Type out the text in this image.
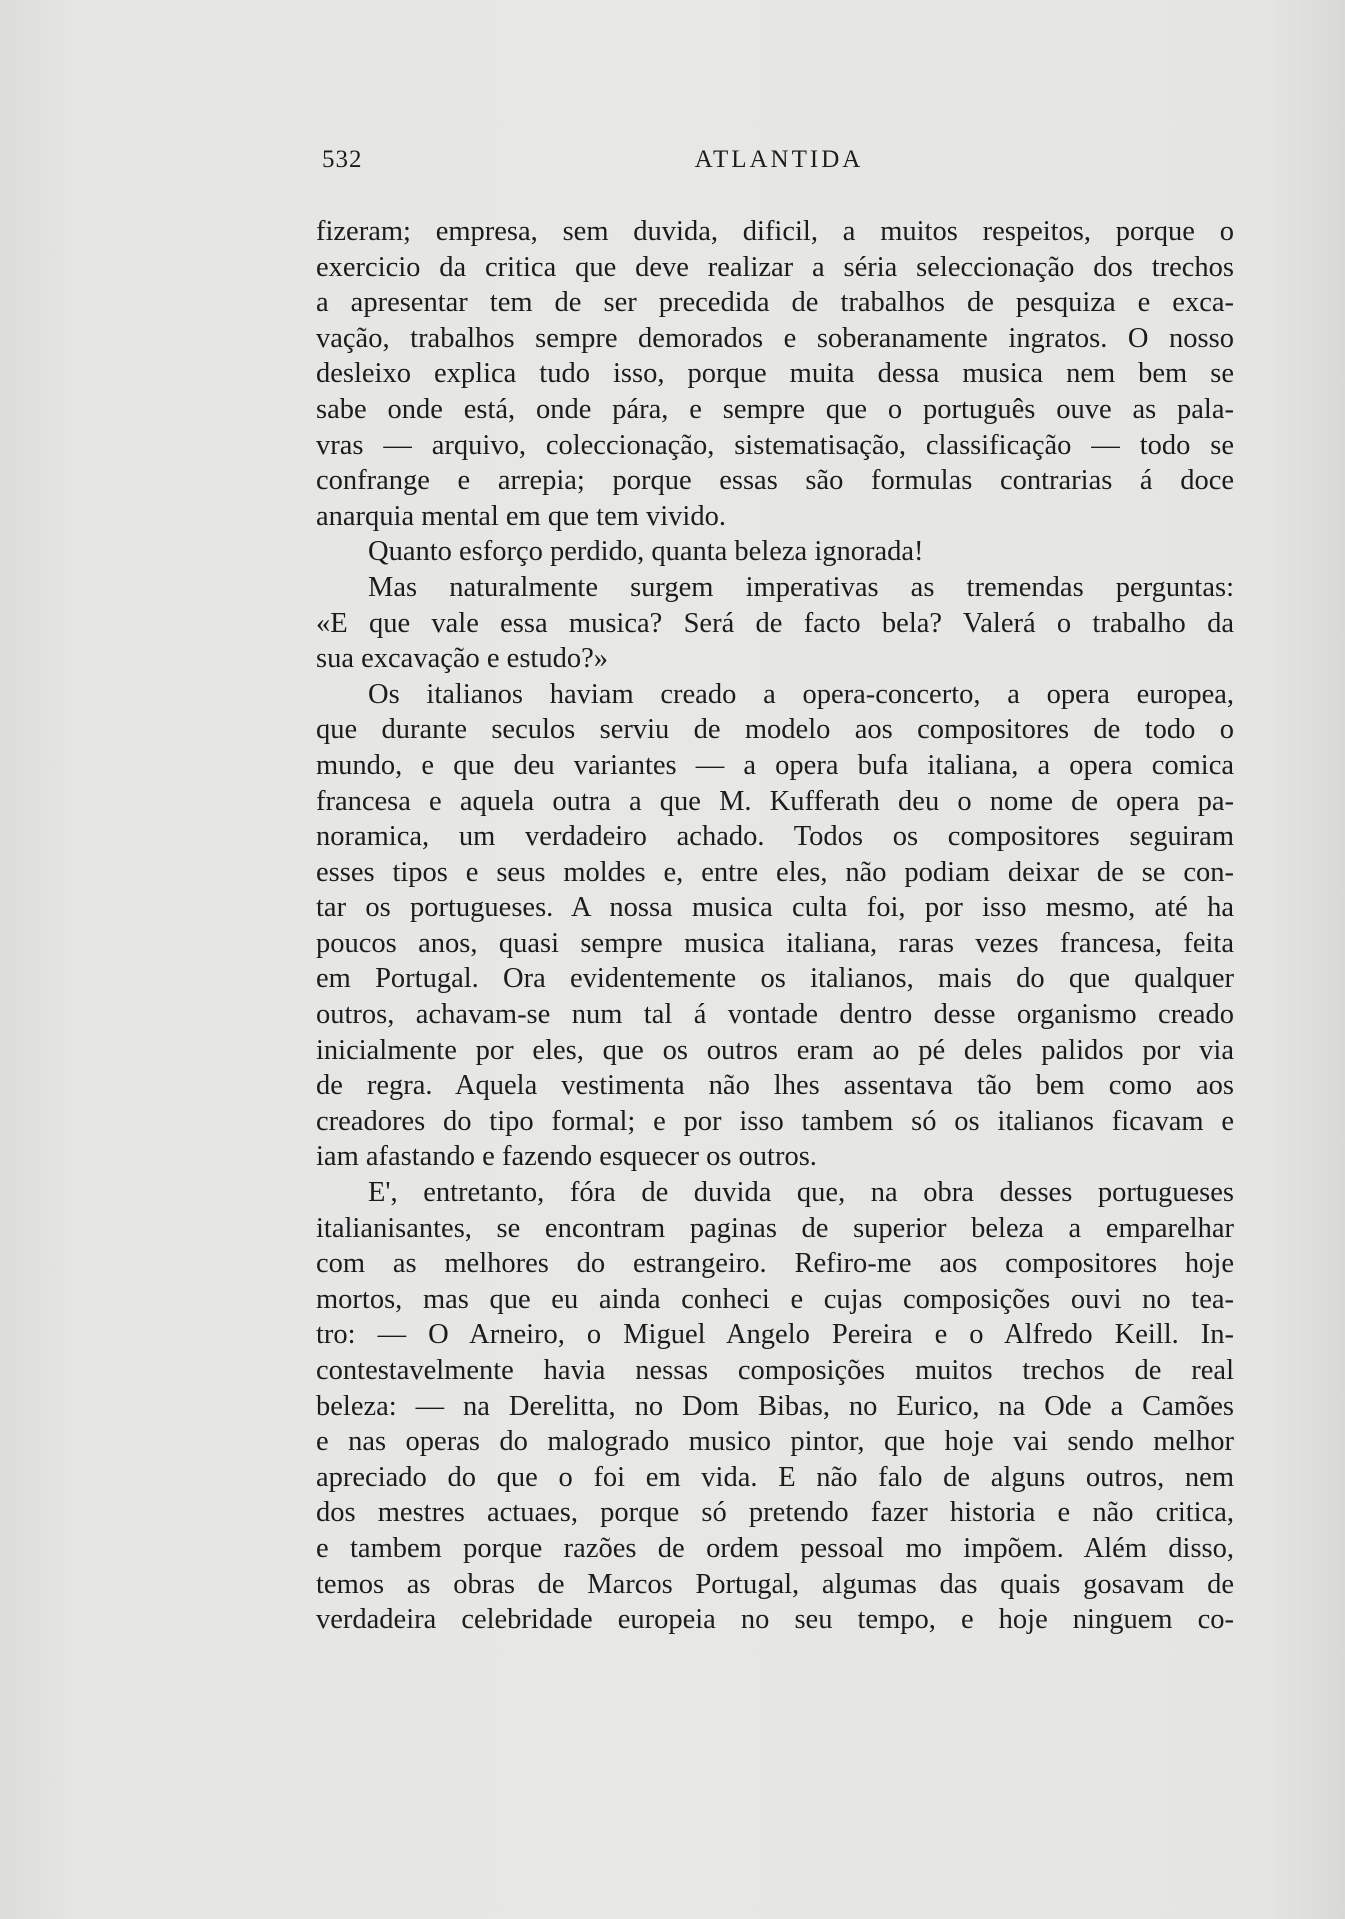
532	ATLANTIDA
fizeram; empresa, sem duvida, dificil, a muitos respeitos, porque o
exercicio da critica que deve realizar a séria seleccionação dos trechos
a apresentar tem de ser precedida de trabalhos de pesquiza e exca-
vação, trabalhos sempre demorados e soberanamente ingratos. O nosso
desleixo explica tudo isso, porque muita dessa musica nem bem se
sabe onde está, onde pára, e sempre que o português ouve as pala-
vras — arquivo, coleccionação, sistematisação, classificação — todo se
confrange e arrepia; porque essas são formulas contrarias á doce
anarquia mental em que tem vivido.
Quanto esforço perdido, quanta beleza ignorada!
Mas naturalmente surgem imperativas as tremendas perguntas:
«E que vale essa musica? Será de facto bela? Valerá o trabalho da
sua excavação e estudo?»
Os italianos haviam creado a opera-concerto, a opera europea,
que durante seculos serviu de modelo aos compositores de todo o
mundo, e que deu variantes — a opera bufa italiana, a opera comica
francesa e aquela outra a que M. Kufferath deu o nome de opera pa-
noramica, um verdadeiro achado. Todos os compositores seguiram
esses tipos e seus moldes e, entre eles, não podiam deixar de se con-
tar os portugueses. A nossa musica culta foi, por isso mesmo, até ha
poucos anos, quasi sempre musica italiana, raras vezes francesa, feita
em Portugal. Ora evidentemente os italianos, mais do que qualquer
outros, achavam-se num tal á vontade dentro desse organismo creado
inicialmente por eles, que os outros eram ao pé deles palidos por via
de regra. Aquela vestimenta não lhes assentava tão bem como aos
creadores do tipo formal; e por isso tambem só os italianos ficavam e
iam afastando e fazendo esquecer os outros.
E', entretanto, fóra de duvida que, na obra desses portugueses
italianisantes, se encontram paginas de superior beleza a emparelhar
com as melhores do estrangeiro. Refiro-me aos compositores hoje
mortos, mas que eu ainda conheci e cujas composições ouvi no tea-
tro: — O Arneiro, o Miguel Angelo Pereira e o Alfredo Keill. In-
contestavelmente havia nessas composições muitos trechos de real
beleza: — na Derelitta, no Dom Bibas, no Eurico, na Ode a Camões
e nas operas do malogrado musico pintor, que hoje vai sendo melhor
apreciado do que o foi em vida. E não falo de alguns outros, nem
dos mestres actuaes, porque só pretendo fazer historia e não critica,
e tambem porque razões de ordem pessoal mo impõem. Além disso,
temos as obras de Marcos Portugal, algumas das quais gosavam de
verdadeira celebridade europeia no seu tempo, e hoje ninguem co-
